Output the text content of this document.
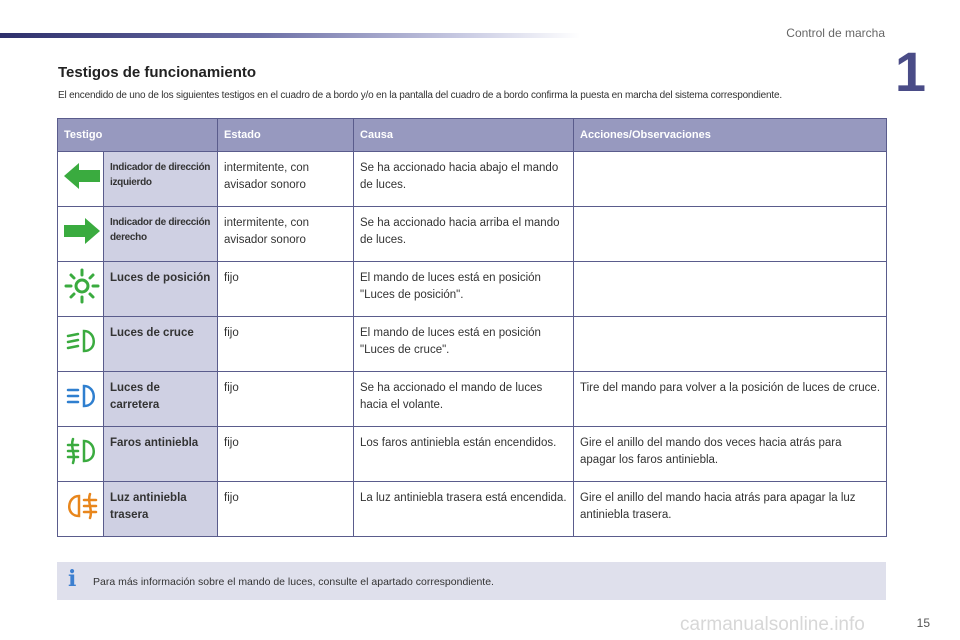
Control de marcha
1
Testigos de funcionamiento

El encendido de uno de los siguientes testigos en el cuadro de a bordo y/o en la pantalla del cuadro de a bordo confirma la puesta en marcha del sistema correspondiente.

Testigo		Estado	Causa	Acciones/Observaciones
	Indicador de dirección izquierdo	intermitente, con avisador sonoro	Se ha accionado hacia abajo el mando de luces.	
	Indicador de dirección derecho	intermitente, con avisador sonoro	Se ha accionado hacia arriba el mando de luces.	
	Luces de posición	fijo	El mando de luces está en posición "Luces de posición".	
	Luces de cruce	fijo	El mando de luces está en posición "Luces de cruce".	
	Luces de carretera	fijo	Se ha accionado el mando de luces hacia el volante.	Tire del mando para volver a la posición de luces de cruce.
	Faros antiniebla	fijo	Los faros antiniebla están encendidos.	Gire el anillo del mando dos veces hacia atrás para apagar los faros antiniebla.
	Luz antiniebla trasera	fijo	La luz antiniebla trasera está encendida.	Gire el anillo del mando hacia atrás para apagar la luz antiniebla trasera.
i Para más información sobre el mando de luces, consulte el apartado correspondiente.
carmanualsonline.info	15
